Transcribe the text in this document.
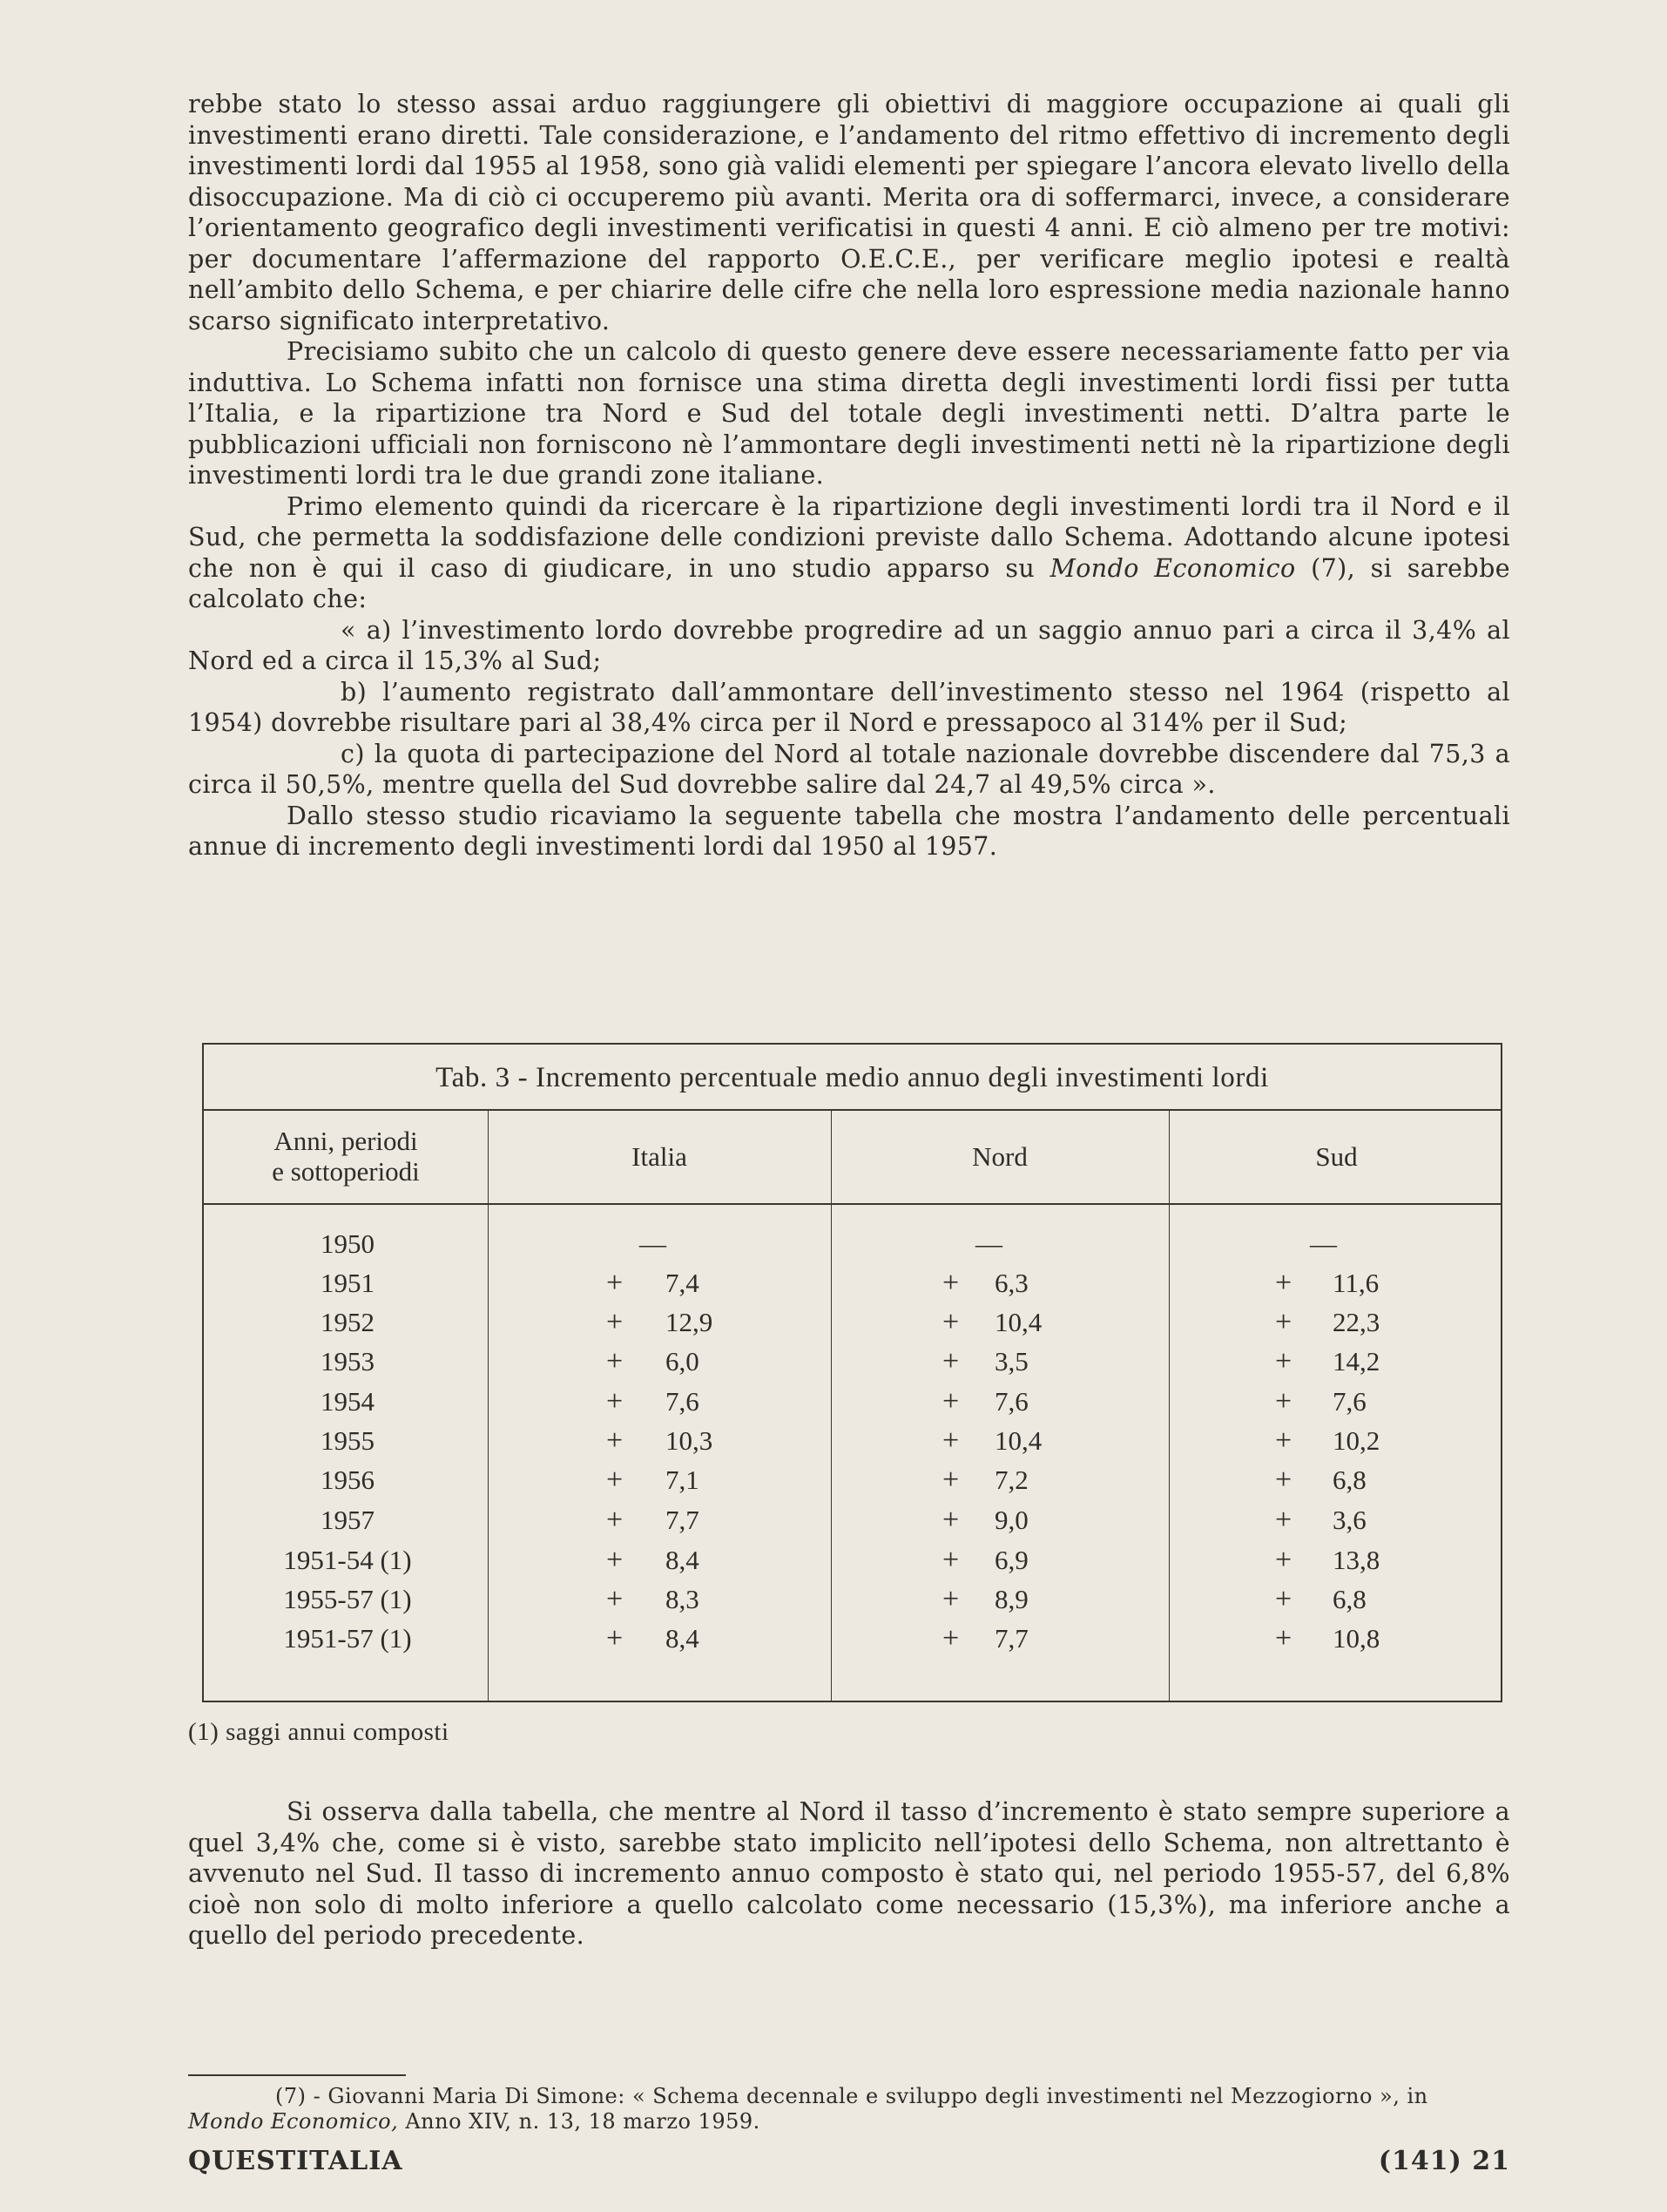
rebbe stato lo stesso assai arduo raggiungere gli obiettivi di maggiore occupazione ai quali gli investimenti erano diretti. Tale considerazione, e l’andamento del ritmo effettivo di incremento degli investimenti lordi dal 1955 al 1958, sono già validi elementi per spiegare l’ancora elevato livello della disoccupazione. Ma di ciò ci occuperemo più avanti. Merita ora di soffermarci, invece, a considerare l’orientamento geografico degli investimenti verificatisi in questi 4 anni. E ciò almeno per tre motivi: per documentare l’affermazione del rapporto O.E.C.E., per verificare meglio ipotesi e realtà nell’ambito dello Schema, e per chiarire delle cifre che nella loro espressione media nazionale hanno scarso significato interpretativo.

Precisiamo subito che un calcolo di questo genere deve essere necessariamente fatto per via induttiva. Lo Schema infatti non fornisce una stima diretta degli investimenti lordi fissi per tutta l’Italia, e la ripartizione tra Nord e Sud del totale degli investimenti netti. D’altra parte le pubblicazioni ufficiali non forniscono nè l’ammontare degli investimenti netti nè la ripartizione degli investimenti lordi tra le due grandi zone italiane.

Primo elemento quindi da ricercare è la ripartizione degli investimenti lordi tra il Nord e il Sud, che permetta la soddisfazione delle condizioni previste dallo Schema. Adottando alcune ipotesi che non è qui il caso di giudicare, in uno studio apparso su Mondo Economico (7), si sarebbe calcolato che:

« a) l’investimento lordo dovrebbe progredire ad un saggio annuo pari a circa il 3,4% al Nord ed a circa il 15,3% al Sud;

b) l’aumento registrato dall’ammontare dell’investimento stesso nel 1964 (rispetto al 1954) dovrebbe risultare pari al 38,4% circa per il Nord e pressapoco al 314% per il Sud;

c) la quota di partecipazione del Nord al totale nazionale dovrebbe discendere dal 75,3 a circa il 50,5%, mentre quella del Sud dovrebbe salire dal 24,7 al 49,5% circa ».

Dallo stesso studio ricaviamo la seguente tabella che mostra l’andamento delle percentuali annue di incremento degli investimenti lordi dal 1950 al 1957.

Tab. 3 - Incremento percentuale medio annuo degli investimenti lordi
Anni, periodi
e sottoperiodi	Italia	Nord	Sud
1950	—	—	—
1951	+ 7,4	+ 6,3	+ 11,6
1952	+ 12,9	+ 10,4	+ 22,3
1953	+ 6,0	+ 3,5	+ 14,2
1954	+ 7,6	+ 7,6	+ 7,6
1955	+ 10,3	+ 10,4	+ 10,2
1956	+ 7,1	+ 7,2	+ 6,8
1957	+ 7,7	+ 9,0	+ 3,6
1951-54 (1)	+ 8,4	+ 6,9	+ 13,8
1955-57 (1)	+ 8,3	+ 8,9	+ 6,8
1951-57 (1)	+ 8,4	+ 7,7	+ 10,8
(1) saggi annui composti

Si osserva dalla tabella, che mentre al Nord il tasso d’incremento è stato sempre superiore a quel 3,4% che, come si è visto, sarebbe stato implicito nell’ipotesi dello Schema, non altrettanto è avvenuto nel Sud. Il tasso di incremento annuo composto è stato qui, nel periodo 1955-57, del 6,8% cioè non solo di molto inferiore a quello calcolato come necessario (15,3%), ma inferiore anche a quello del periodo precedente.

(7) - Giovanni Maria Di Simone: « Schema decennale e sviluppo degli investimenti nel Mezzogiorno », in Mondo Economico, Anno XIV, n. 13, 18 marzo 1959.

QUESTITALIA	(141) 21
